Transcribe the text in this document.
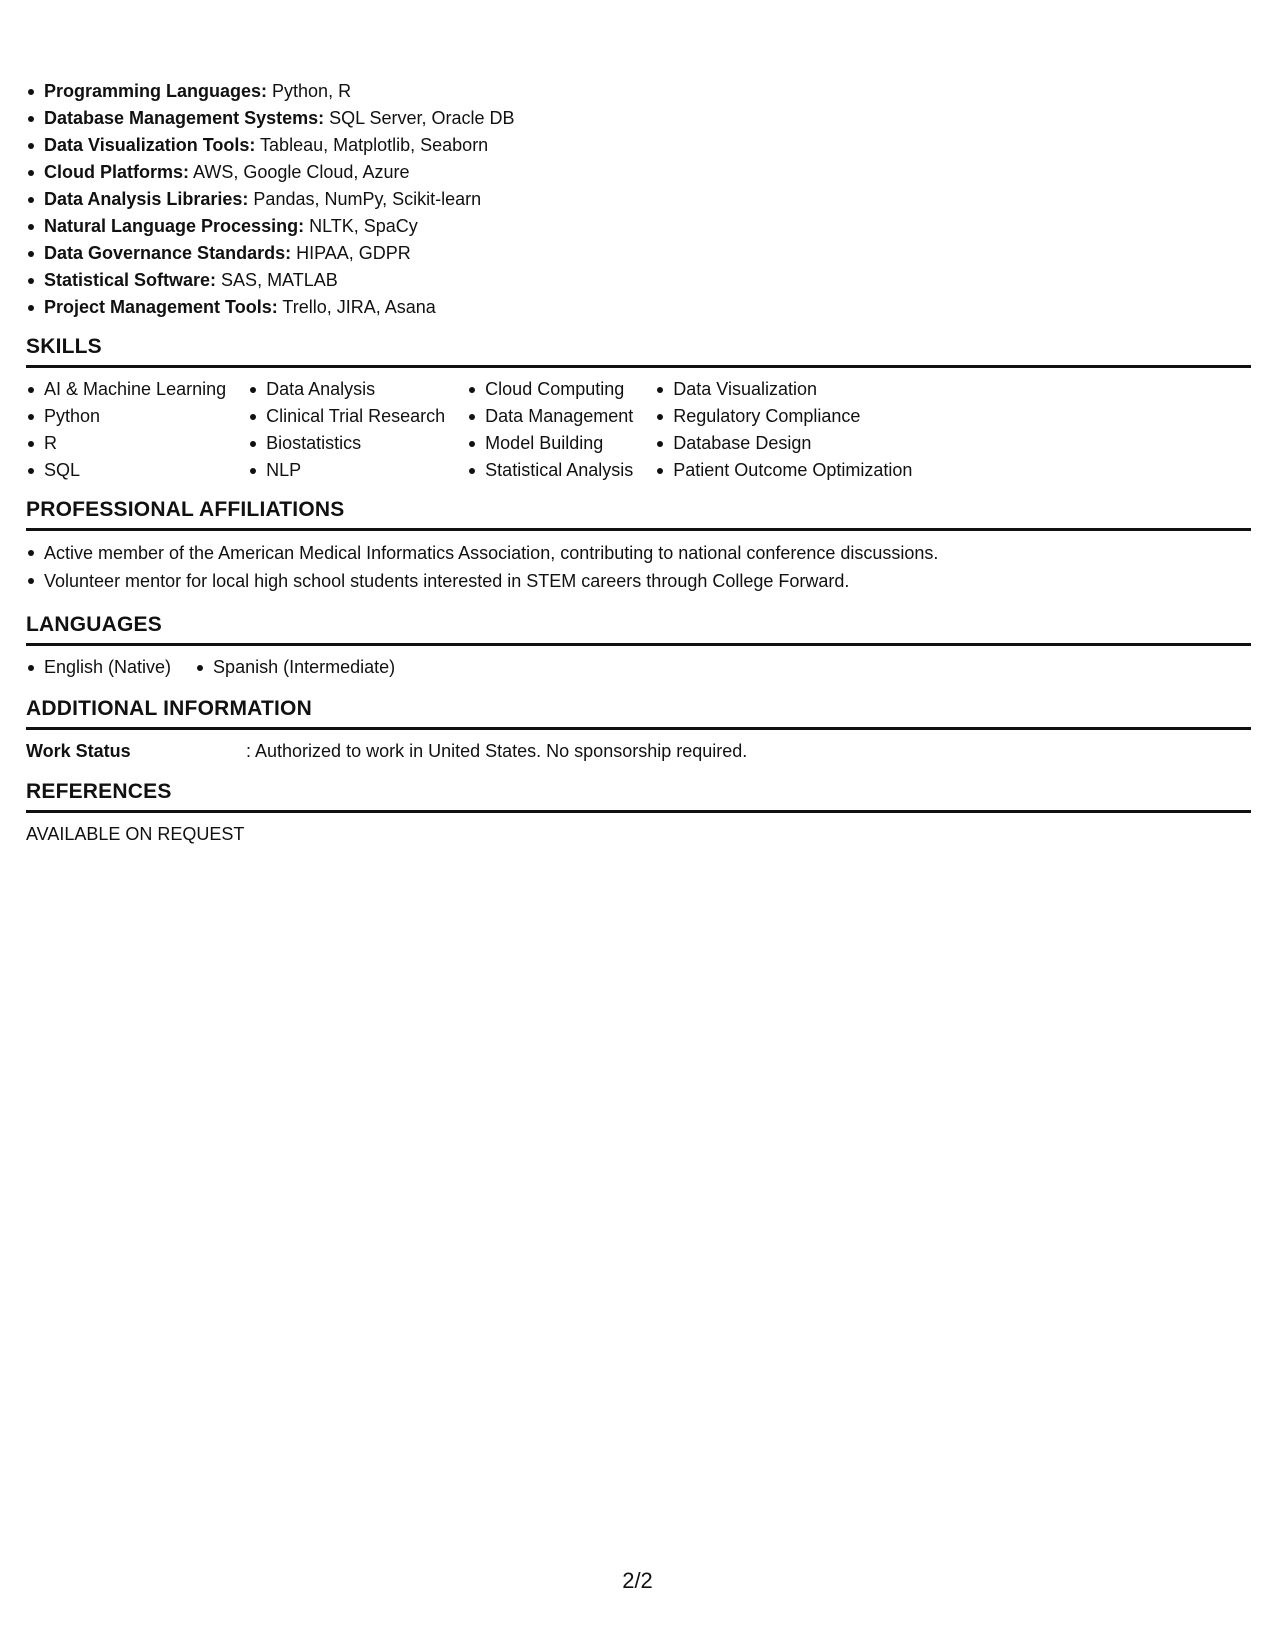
Programming Languages: Python, R
Database Management Systems: SQL Server, Oracle DB
Data Visualization Tools: Tableau, Matplotlib, Seaborn
Cloud Platforms: AWS, Google Cloud, Azure
Data Analysis Libraries: Pandas, NumPy, Scikit-learn
Natural Language Processing: NLTK, SpaCy
Data Governance Standards: HIPAA, GDPR
Statistical Software: SAS, MATLAB
Project Management Tools: Trello, JIRA, Asana
SKILLS
AI & Machine Learning
Python
R
SQL
Data Analysis
Clinical Trial Research
Biostatistics
NLP
Cloud Computing
Data Management
Model Building
Statistical Analysis
Data Visualization
Regulatory Compliance
Database Design
Patient Outcome Optimization
PROFESSIONAL AFFILIATIONS
Active member of the American Medical Informatics Association, contributing to national conference discussions.
Volunteer mentor for local high school students interested in STEM careers through College Forward.
LANGUAGES
English (Native)	Spanish (Intermediate)
ADDITIONAL INFORMATION
Work Status	: Authorized to work in United States. No sponsorship required.
REFERENCES
AVAILABLE ON REQUEST
2/2
